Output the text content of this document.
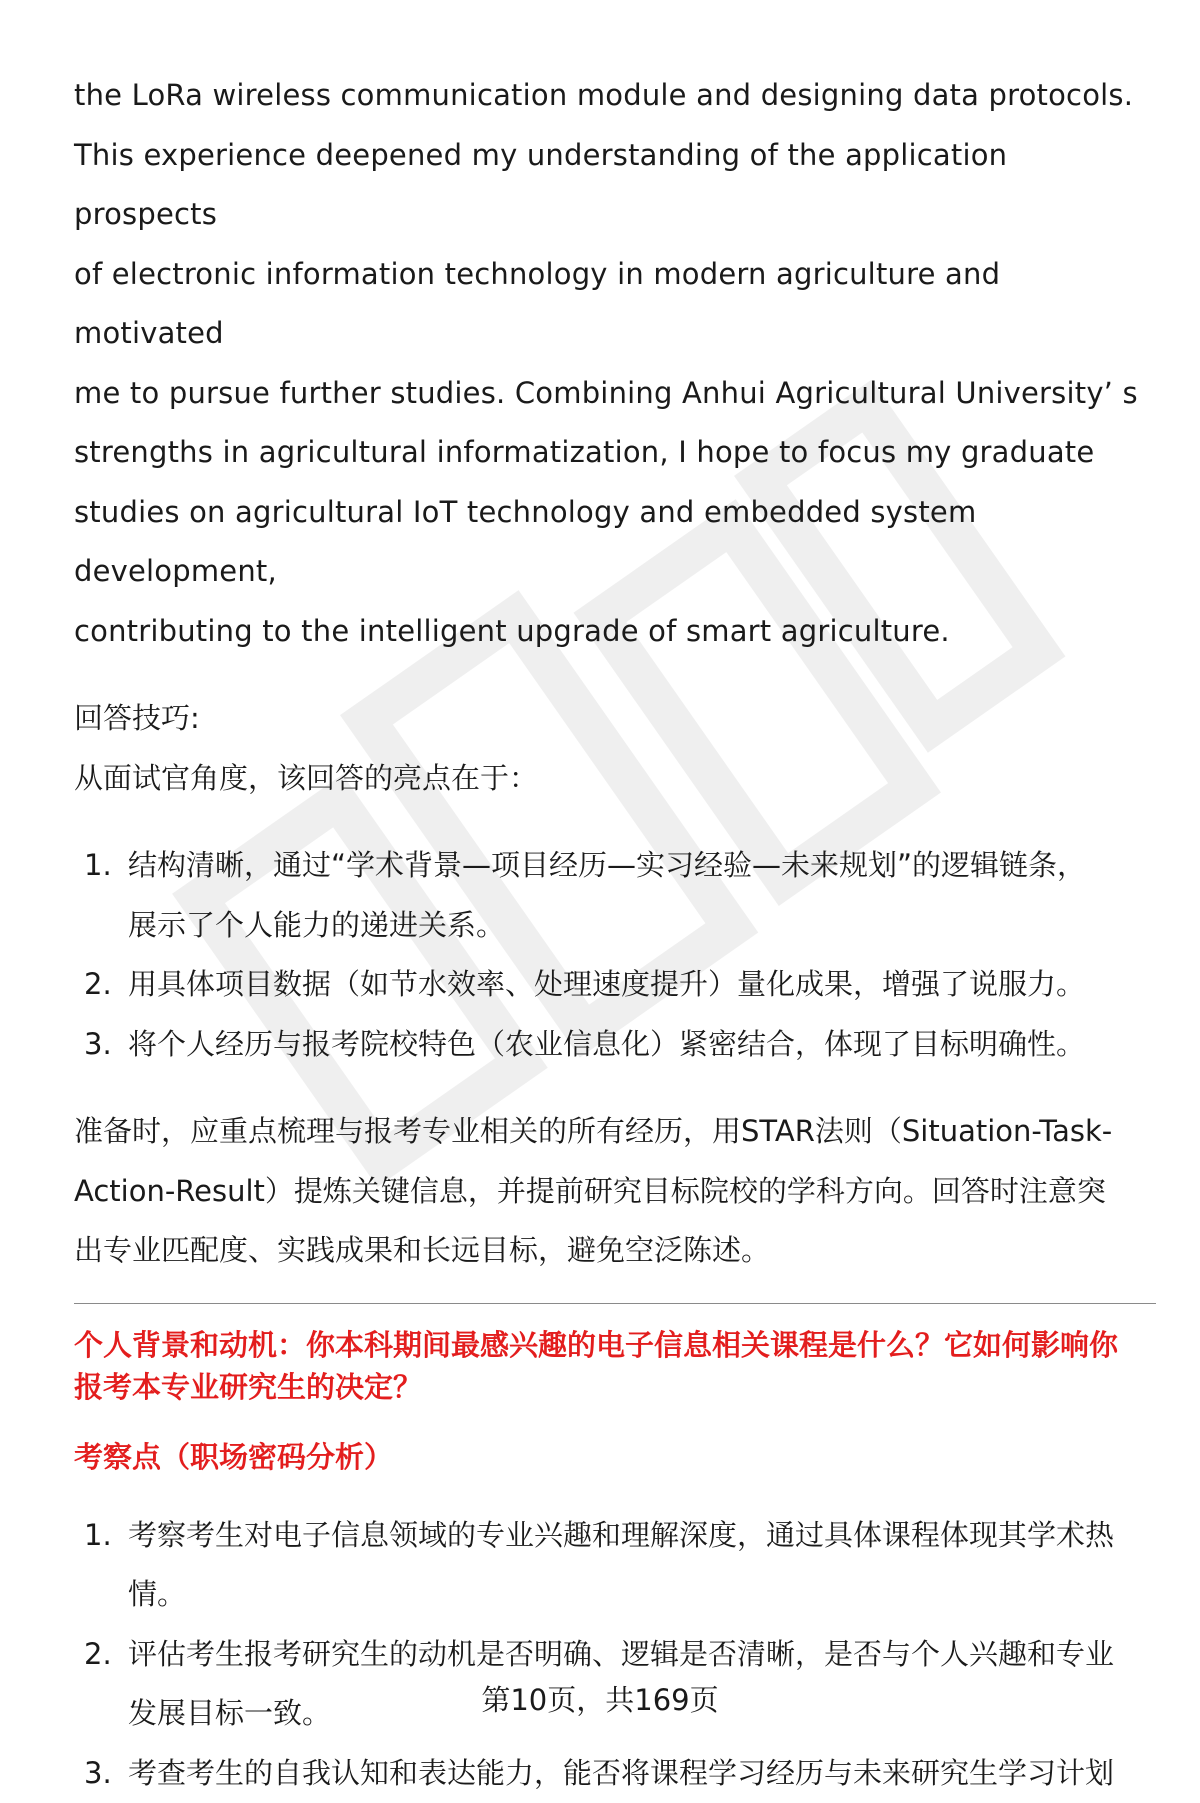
the LoRa wireless communication module and designing data protocols.

This experience deepened my understanding of the application prospects

of electronic information technology in modern agriculture and motivated

me to pursue further studies. Combining Anhui Agricultural University’ s

strengths in agricultural informatization, I hope to focus my graduate

studies on agricultural IoT technology and embedded system development,

contributing to the intelligent upgrade of smart agriculture.

回答技巧:

从面试官角度，该回答的亮点在于：

1. 结构清晰，通过“学术背景—项目经历—实习经验—未来规划”的逻辑链条，
展示了个人能力的递进关系。
2. 用具体项目数据（如节水效率、处理速度提升）量化成果，增强了说服力。
3. 将个人经历与报考院校特色（农业信息化）紧密结合，体现了目标明确性。

准备时，应重点梳理与报考专业相关的所有经历，用STAR法则（Situation-Task-

Action-Result）提炼关键信息，并提前研究目标院校的学科方向。回答时注意突

出专业匹配度、实践成果和长远目标，避免空泛陈述。

个人背景和动机：你本科期间最感兴趣的电子信息相关课程是什么？它如何影响你

报考本专业研究生的决定？

考察点（职场密码分析）

1. 考察考生对电子信息领域的专业兴趣和理解深度，通过具体课程体现其学术热
情。
2. 评估考生报考研究生的动机是否明确、逻辑是否清晰，是否与个人兴趣和专业
发展目标一致。
3. 考查考生的自我认知和表达能力，能否将课程学习经历与未来研究生学习计划
第10页，共169页
